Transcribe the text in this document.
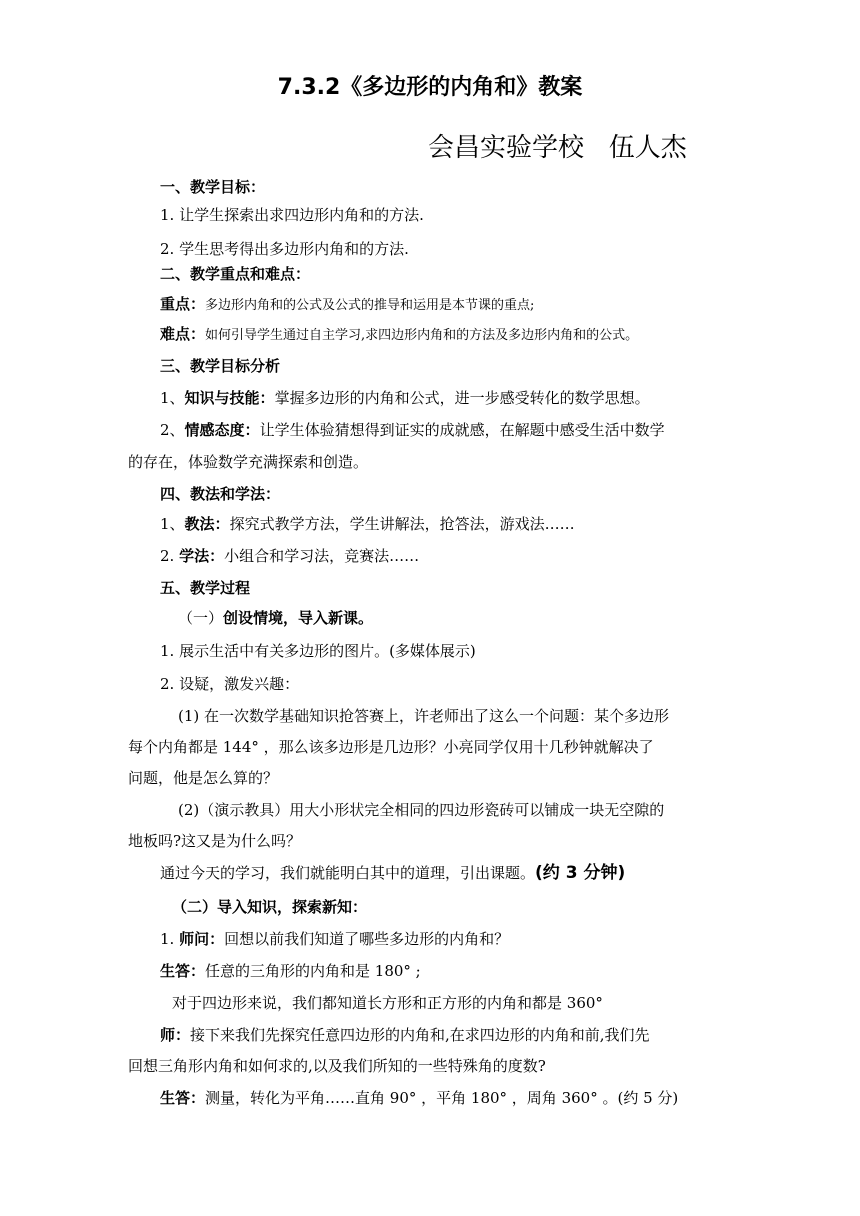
7.3.2《多边形的内角和》教案
会昌实验学校   伍人杰
一、教学目标：
1. 让学生探索出求四边形内角和的方法.
2. 学生思考得出多边形内角和的方法.
二、教学重点和难点：
重点：多边形内角和的公式及公式的推导和运用是本节课的重点;
难点：如何引导学生通过自主学习,求四边形内角和的方法及多边形内角和的公式。
三、教学目标分析
1、知识与技能：掌握多边形的内角和公式，进一步感受转化的数学思想。
2、情感态度：让学生体验猜想得到证实的成就感，在解题中感受生活中数学
的存在，体验数学充满探索和创造。
四、教法和学法：
1、教法：探究式教学方法，学生讲解法，抢答法，游戏法……
2. 学法：小组合和学习法，竞赛法……
五、教学过程
（一）创设情境，导入新课。
1. 展示生活中有关多边形的图片。(多媒体展示)
2. 设疑，激发兴趣：
(1) 在一次数学基础知识抢答赛上，许老师出了这么一个问题：某个多边形
每个内角都是 144° ，那么该多边形是几边形？小亮同学仅用十几秒钟就解决了
问题，他是怎么算的？
(2)（演示教具）用大小形状完全相同的四边形瓷砖可以铺成一块无空隙的
地板吗?这又是为什么吗？
通过今天的学习，我们就能明白其中的道理，引出课题。(约 3 分钟)
（二）导入知识，探索新知：
1. 师问：回想以前我们知道了哪些多边形的内角和？
生答：任意的三角形的内角和是 180° ;
对于四边形来说，我们都知道长方形和正方形的内角和都是 360°
师：接下来我们先探究任意四边形的内角和,在求四边形的内角和前,我们先
回想三角形内角和如何求的,以及我们所知的一些特殊角的度数?
生答：测量，转化为平角……直角 90° ，平角 180° ，周角 360° 。(约 5 分)
